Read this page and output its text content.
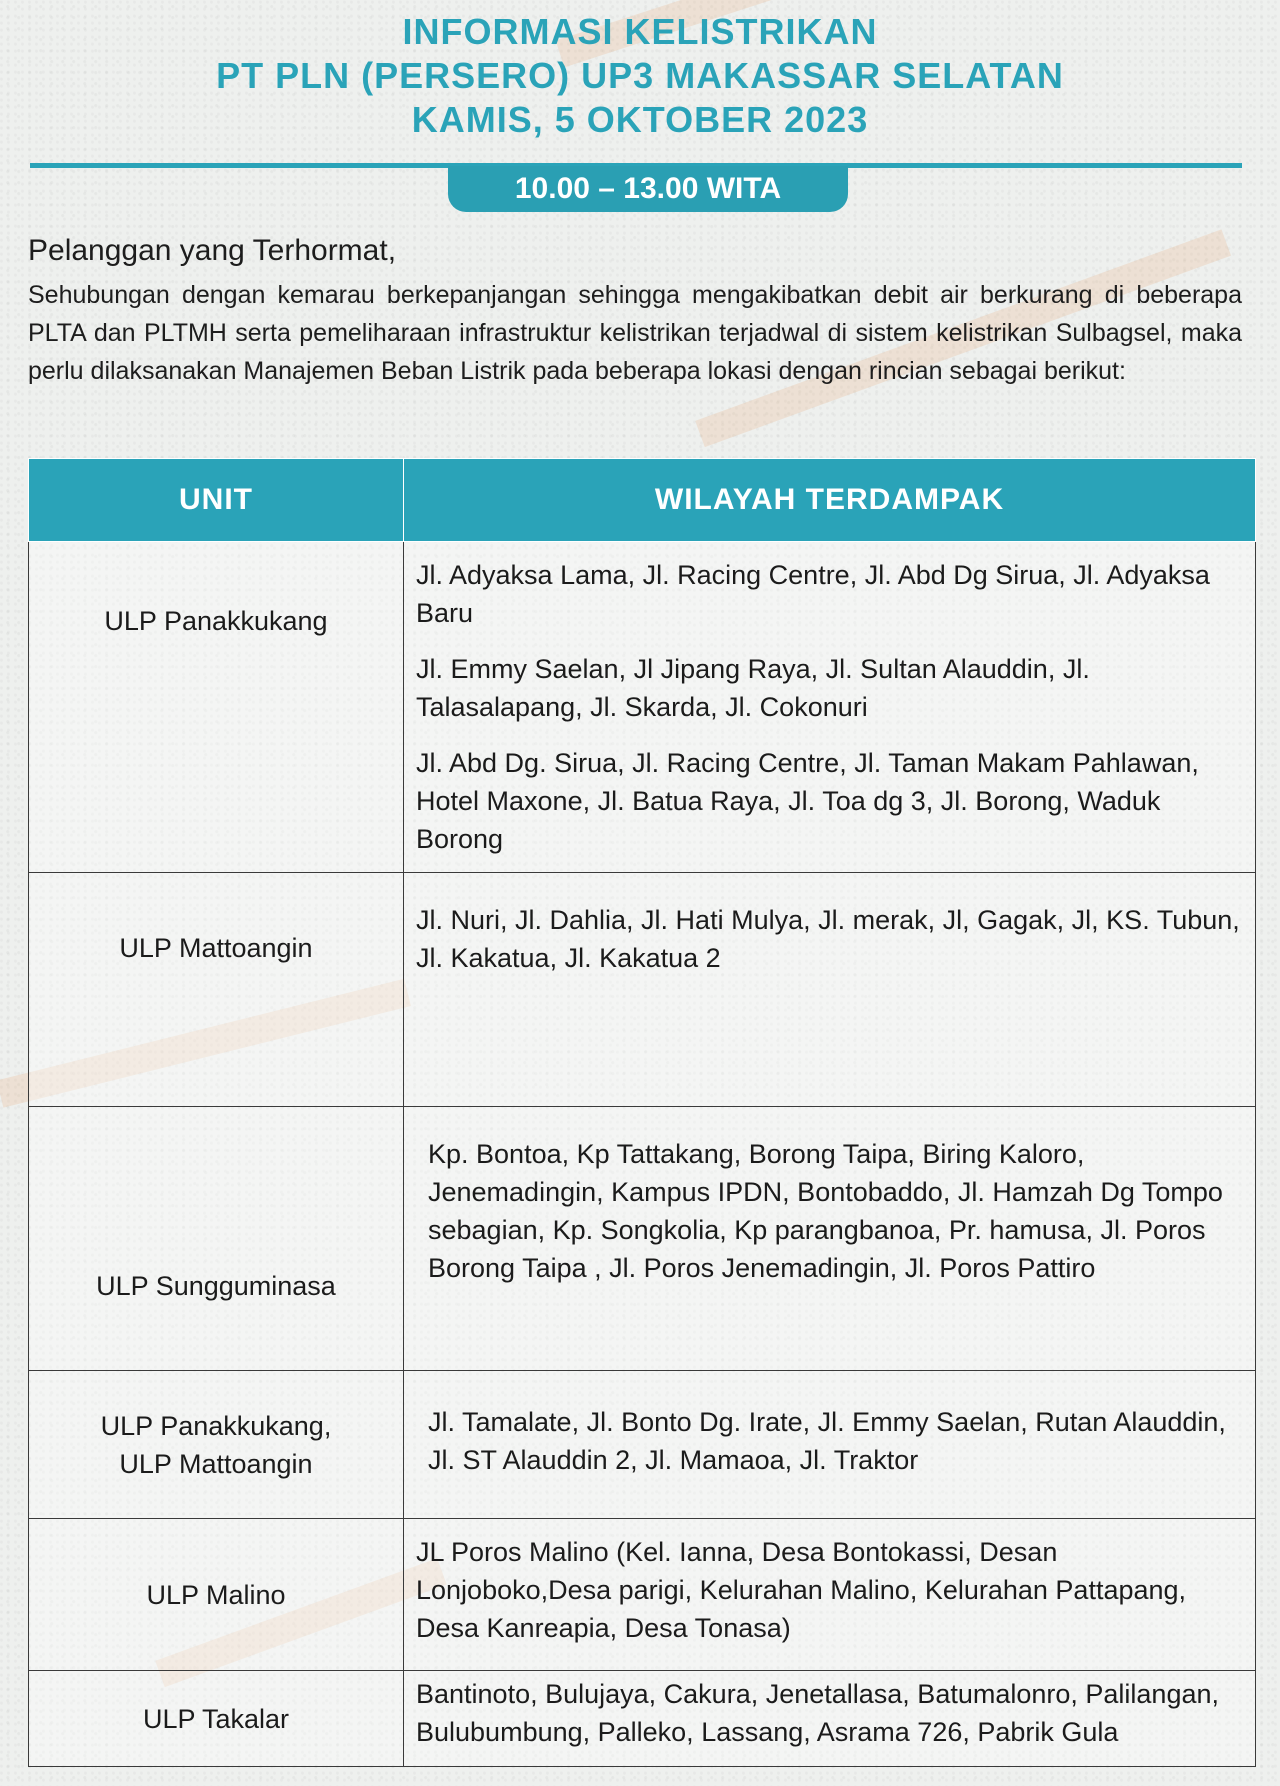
INFORMASI KELISTRIKAN
PT PLN (PERSERO) UP3 MAKASSAR SELATAN
KAMIS, 5 OKTOBER 2023
10.00 – 13.00 WITA
Pelanggan yang Terhormat,
Sehubungan dengan kemarau berkepanjangan sehingga mengakibatkan debit air berkurang di beberapa PLTA dan PLTMH serta pemeliharaan infrastruktur kelistrikan terjadwal di sistem kelistrikan Sulbagsel, maka perlu dilaksanakan Manajemen Beban Listrik pada beberapa lokasi dengan rincian sebagai berikut:
UNIT	WILAYAH TERDAMPAK
ULP Panakkukang	Jl. Adyaksa Lama, Jl. Racing Centre, Jl. Abd Dg Sirua, Jl. Adyaksa Baru

Jl. Emmy Saelan, Jl Jipang Raya, Jl. Sultan Alauddin, Jl. Talasalapang, Jl. Skarda, Jl. Cokonuri

Jl. Abd Dg. Sirua, Jl. Racing Centre, Jl. Taman Makam Pahlawan, Hotel Maxone, Jl. Batua Raya, Jl. Toa dg 3, Jl. Borong, Waduk Borong

ULP Mattoangin	Jl. Nuri, Jl. Dahlia, Jl. Hati Mulya, Jl. merak, Jl, Gagak, Jl, KS. Tubun, Jl. Kakatua, Jl. Kakatua 2

ULP Sungguminasa	Kp. Bontoa, Kp Tattakang, Borong Taipa, Biring Kaloro, Jenemadingin, Kampus IPDN, Bontobaddo, Jl. Hamzah Dg Tompo sebagian, Kp. Songkolia, Kp parangbanoa, Pr. hamusa, Jl. Poros Borong Taipa , Jl. Poros Jenemadingin, Jl. Poros Pattiro

ULP Panakkukang,
ULP Mattoangin	Jl. Tamalate, Jl. Bonto Dg. Irate, Jl. Emmy Saelan, Rutan Alauddin, Jl. ST Alauddin 2, Jl. Mamaoa, Jl. Traktor

ULP Malino	JL Poros Malino (Kel. Ianna, Desa Bontokassi, Desan Lonjoboko,Desa parigi, Kelurahan Malino, Kelurahan Pattapang, Desa Kanreapia, Desa Tonasa)

ULP Takalar	Bantinoto, Bulujaya, Cakura, Jenetallasa, Batumalonro, Palilangan, Bulubumbung, Palleko, Lassang, Asrama 726, Pabrik Gula
